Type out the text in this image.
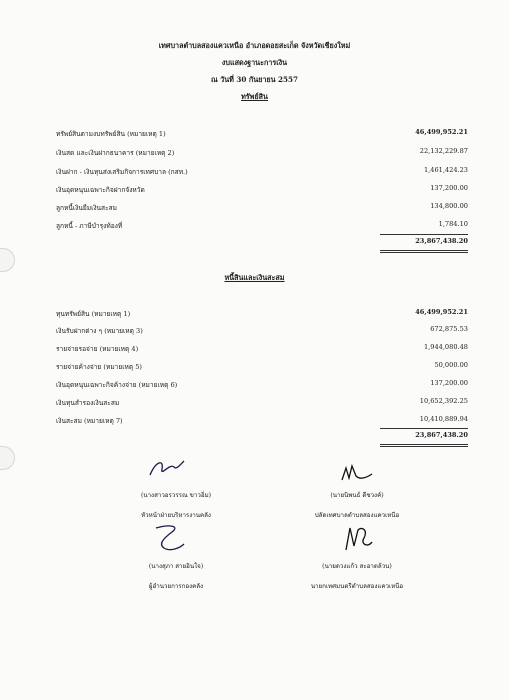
เทศบาลตำบลสองแควเหนือ อำเภอดอยสะเก็ด จังหวัดเชียงใหม่
งบแสดงฐานะการเงิน
ณ วันที่ 30 กันยายน 2557
ทรัพย์สิน
ทรัพย์สินตามงบทรัพย์สิน (หมายเหตุ 1)	46,499,952.21
เงินสด และเงินฝากธนาคาร (หมายเหตุ 2)	22,132,229.87
เงินฝาก - เงินทุนส่งเสริมกิจการเทศบาล (กสท.)	1,461,424.23
เงินอุดหนุนเฉพาะกิจฝากจังหวัด	137,200.00
ลูกหนี้เงินยืมเงินสะสม	134,800.00
ลูกหนี้ - ภาษีบำรุงท้องที่	1,784.10
23,867,438.20
หนี้สินและเงินสะสม
ทุนทรัพย์สิน (หมายเหตุ 1)	46,499,952.21
เงินรับฝากต่าง ๆ (หมายเหตุ 3)	672,875.53
รายจ่ายรอจ่าย (หมายเหตุ 4)	1,944,080.48
รายจ่ายค้างจ่าย (หมายเหตุ 5)	50,000.00
เงินอุดหนุนเฉพาะกิจค้างจ่าย (หมายเหตุ 6)	137,200.00
เงินทุนสำรองเงินสะสม	10,652,392.25
เงินสะสม (หมายเหตุ 7)	10,410,889.94
23,867,438.20
(นางสาวอรวรรณ ขาวอิ่ม)
หัวหน้าฝ่ายบริหารงานคลัง
(นายนิพนธ์ ดีชวงค์)
ปลัดเทศบาลตำบลสองแควเหนือ
(นางสุภา สายอินใจ)
ผู้อำนวยการกองคลัง
(นายดวงแก้ว สะอาดล้วน)
นายกเทศมนตรีตำบลสองแควเหนือ
